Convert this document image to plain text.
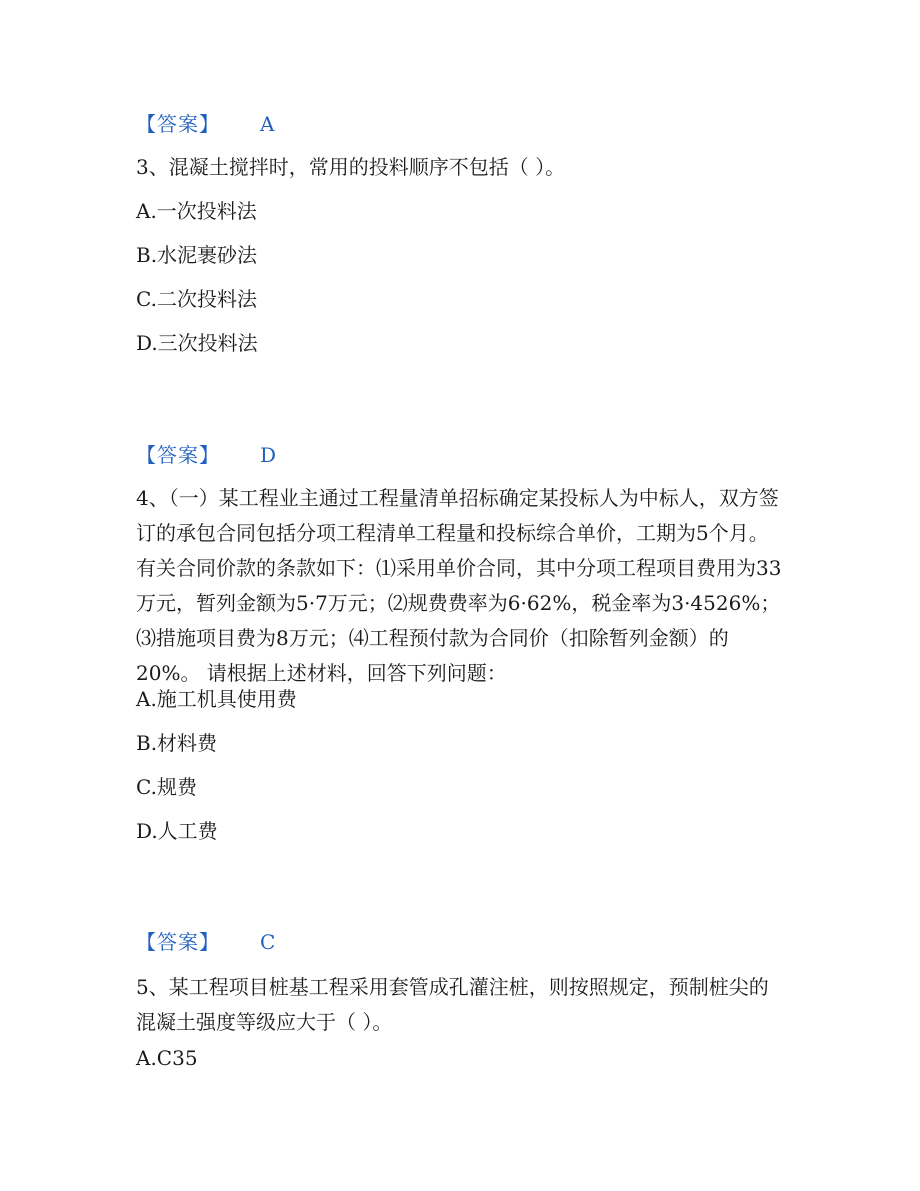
【答案】 A
3、混凝土搅拌时，常用的投料顺序不包括（ ）。
A.一次投料法
B.水泥裹砂法
C.二次投料法
D.三次投料法
【答案】 D
4、（一）某工程业主通过工程量清单招标确定某投标人为中标人，双方签订的承包合同包括分项工程清单工程量和投标综合单价，工期为5个月。有关合同价款的条款如下：⑴采用单价合同，其中分项工程项目费用为33万元，暂列金额为5·7万元；⑵规费费率为6·62%，税金率为3·4526%；⑶措施项目费为8万元；⑷工程预付款为合同价（扣除暂列金额）的20%。 请根据上述材料，回答下列问题：
A.施工机具使用费
B.材料费
C.规费
D.人工费
【答案】 C
5、某工程项目桩基工程采用套管成孔灌注桩，则按照规定，预制桩尖的混凝土强度等级应大于（ ）。
A.C35
